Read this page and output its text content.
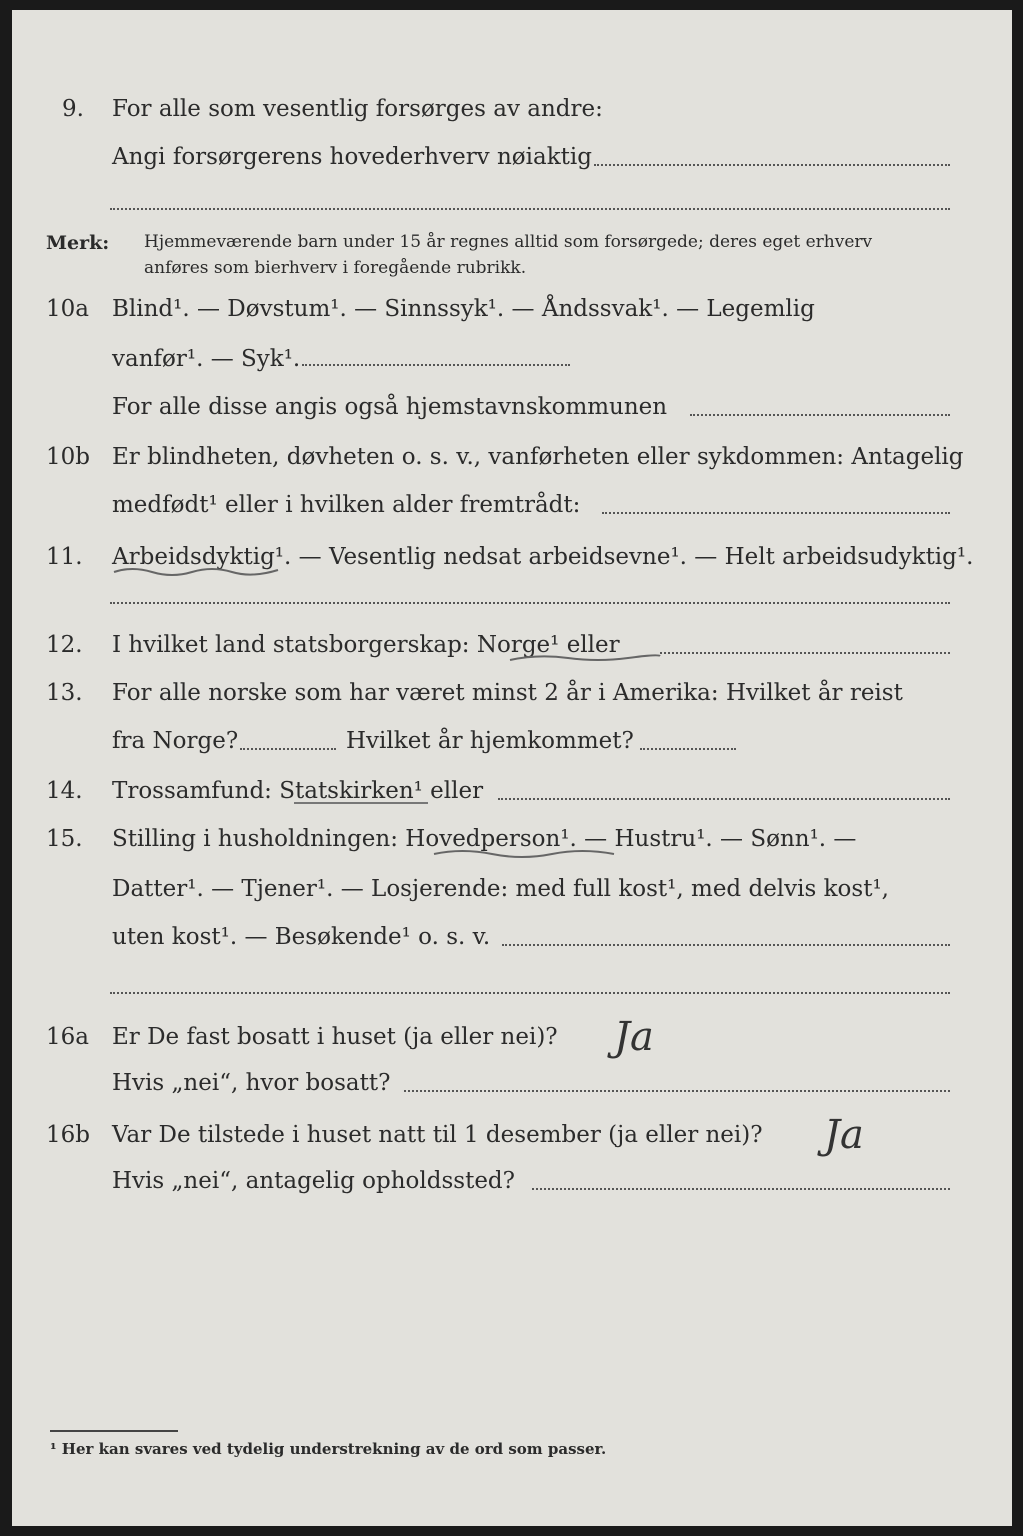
9. For alle som vesentlig forsørges av andre:
Angi forsørgerens hovederhverv nøiaktig
Merk: Hjemmeværende barn under 15 år regnes alltid som forsørgede; deres eget erhverv
anføres som bierhverv i foregående rubrikk.
10a Blind¹. — Døvstum¹. — Sinnssyk¹. — Åndssvak¹. — Legemlig
vanfør¹. — Syk¹.
For alle disse angis også hjemstavnskommunen
10b Er blindheten, døvheten o. s. v., vanførheten eller sykdommen: Antagelig
medfødt¹ eller i hvilken alder fremtrådt:
11. Arbeidsdyktig¹. — Vesentlig nedsat arbeidsevne¹. — Helt arbeidsudyktig¹.
12. I hvilket land statsborgerskap: Norge¹ eller
13. For alle norske som har været minst 2 år i Amerika: Hvilket år reist
fra Norge?	Hvilket år hjemkommet?
14. Trossamfund: Statskirken¹ eller
15. Stilling i husholdningen: Hovedperson¹. — Hustru¹. — Sønn¹. —
Datter¹. — Tjener¹. — Losjerende: med full kost¹, med delvis kost¹,
uten kost¹. — Besøkende¹ o. s. v.
16a Er De fast bosatt i huset (ja eller nei)? Ja
Hvis „nei“, hvor bosatt?
16b Var De tilstede i huset natt til 1 desember (ja eller nei)? Ja
Hvis „nei“, antagelig opholdssted?
¹ Her kan svares ved tydelig understrekning av de ord som passer.
